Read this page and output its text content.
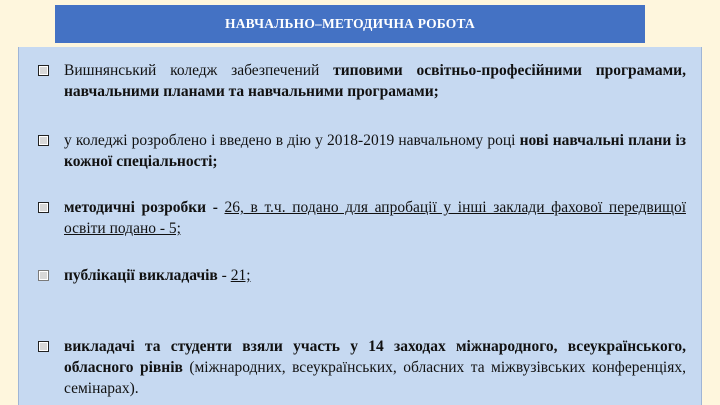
НАВЧАЛЬНО–МЕТОДИЧНА РОБОТА
Вишнянський коледж забезпечений типовими освітньо-професійними програмами, навчальними планами та навчальними програмами;
у коледжі розроблено і введено в дію у 2018-2019 навчальному році нові навчальні плани із кожної спеціальності;
методичні розробки - 26, в т.ч. подано для апробації у інші заклади фахової передвищої освіти подано - 5;
публікації викладачів - 21;
викладачі та студенти взяли участь у 14 заходах міжнародного, всеукраїнського, обласного рівнів (міжнародних, всеукраїнських, обласних та міжвузівських конференціях, семінарах).
